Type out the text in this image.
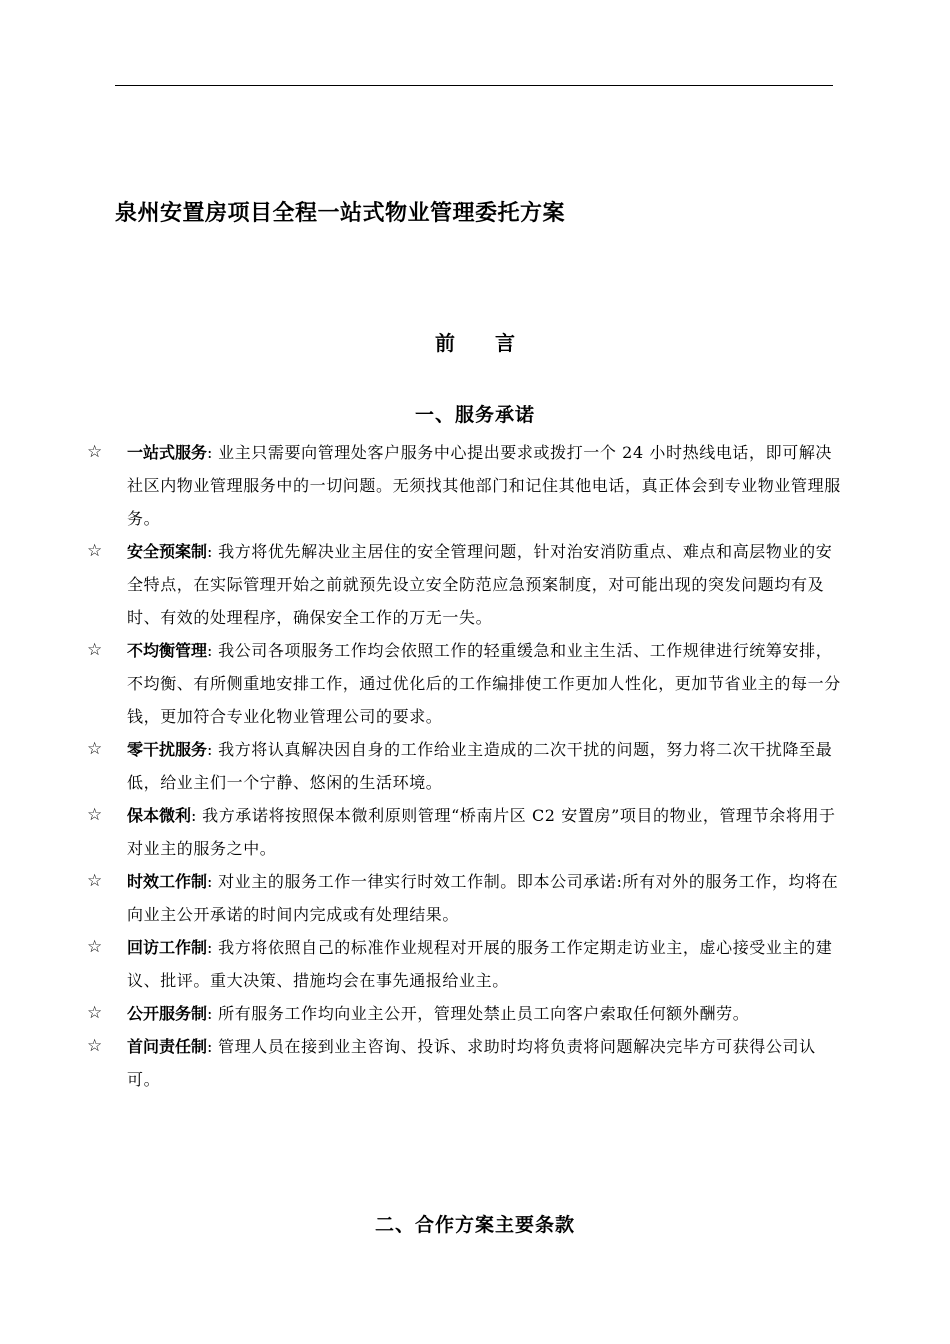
泉州安置房项目全程一站式物业管理委托方案
前　　言
一、服务承诺
☆ 一站式服务: 业主只需要向管理处客户服务中心提出要求或拨打一个 24 小时热线电话，即可解决社区内物业管理服务中的一切问题。无须找其他部门和记住其他电话，真正体会到专业物业管理服务。
☆ 安全预案制: 我方将优先解决业主居住的安全管理问题，针对治安消防重点、难点和高层物业的安全特点，在实际管理开始之前就预先设立安全防范应急预案制度，对可能出现的突发问题均有及时、有效的处理程序，确保安全工作的万无一失。
☆ 不均衡管理: 我公司各项服务工作均会依照工作的轻重缓急和业主生活、工作规律进行统筹安排，不均衡、有所侧重地安排工作，通过优化后的工作编排使工作更加人性化，更加节省业主的每一分钱，更加符合专业化物业管理公司的要求。
☆ 零干扰服务: 我方将认真解决因自身的工作给业主造成的二次干扰的问题，努力将二次干扰降至最低，给业主们一个宁静、悠闲的生活环境。
☆ 保本微利: 我方承诺将按照保本微利原则管理“桥南片区 C2 安置房”项目的物业，管理节余将用于对业主的服务之中。
☆ 时效工作制: 对业主的服务工作一律实行时效工作制。即本公司承诺:所有对外的服务工作，均将在向业主公开承诺的时间内完成或有处理结果。
☆ 回访工作制: 我方将依照自己的标准作业规程对开展的服务工作定期走访业主，虚心接受业主的建议、批评。重大决策、措施均会在事先通报给业主。
☆ 公开服务制: 所有服务工作均向业主公开，管理处禁止员工向客户索取任何额外酬劳。
☆ 首问责任制: 管理人员在接到业主咨询、投诉、求助时均将负责将问题解决完毕方可获得公司认可。
二、合作方案主要条款
